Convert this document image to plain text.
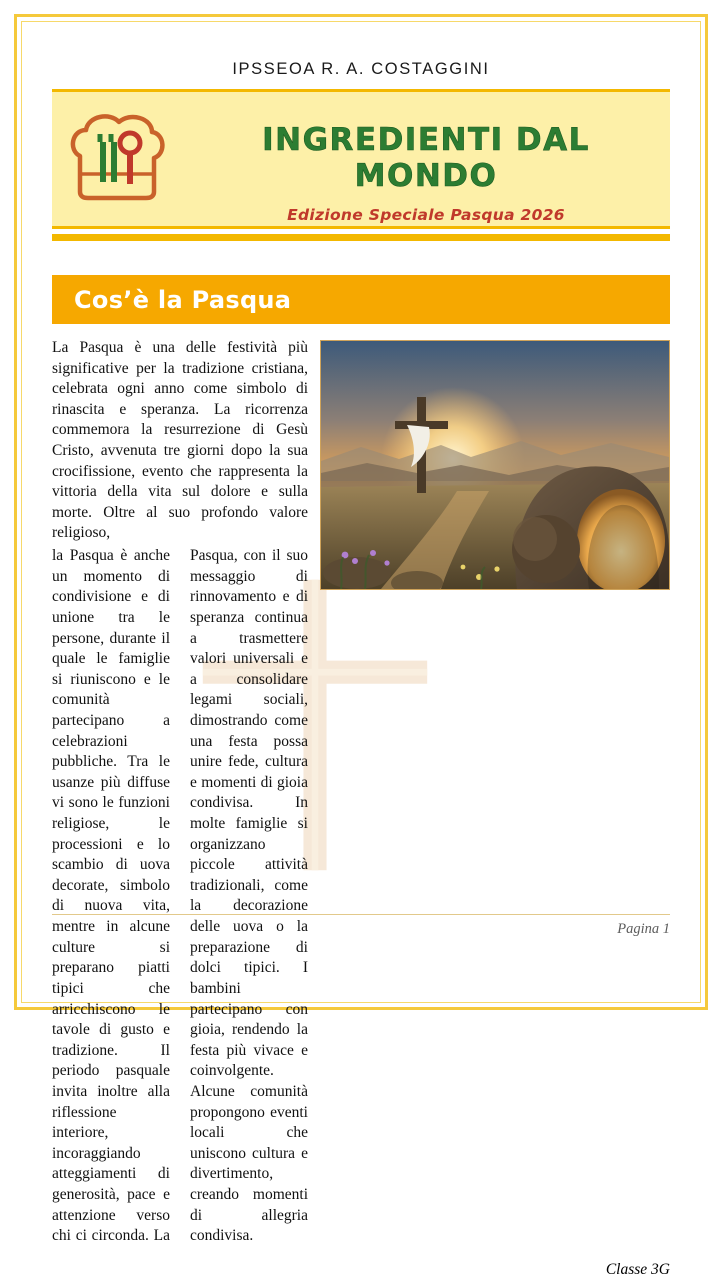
IPSSEOA R. A. COSTAGGINI
INGREDIENTI DAL MONDO
Edizione Speciale Pasqua 2026
Cos’è la Pasqua
La Pasqua è una delle festività più significative per la tradizione cristiana, celebrata ogni anno come simbolo di rinascita e speranza. La ricorrenza commemora la resurrezione di Gesù Cristo, avvenuta tre giorni dopo la sua crocifissione, evento che rappresenta la vittoria della vita sul dolore e sulla morte. Oltre al suo profondo valore religioso,

la Pasqua è anche un momento di condivisione e di unione tra le persone, durante il quale le famiglie si riuniscono e le comunità partecipano a celebrazioni pubbliche. Tra le usanze più diffuse vi sono le funzioni religiose, le processioni e lo scambio di uova decorate, simbolo di nuova vita, mentre in alcune culture si preparano piatti tipici che arricchiscono le tavole di gusto e tradizione. Il periodo pasquale invita inoltre alla riflessione interiore, incoraggiando atteggiamenti di generosità, pace e attenzione verso chi ci circonda. La Pasqua, con il suo messaggio di rinnovamento e di speranza continua a trasmettere valori universali e a consolidare legami sociali, dimostrando come una festa possa unire fede, cultura e momenti di gioia condivisa. In molte famiglie si organizzano piccole attività tradizionali, come la decorazione delle uova o la preparazione di dolci tipici. I bambini partecipano con gioia, rendendo la festa più vivace e coinvolgente. Alcune comunità propongono eventi locali che uniscono cultura e divertimento, creando momenti di allegria condivisa.

Classe 3G
Pagina 1
